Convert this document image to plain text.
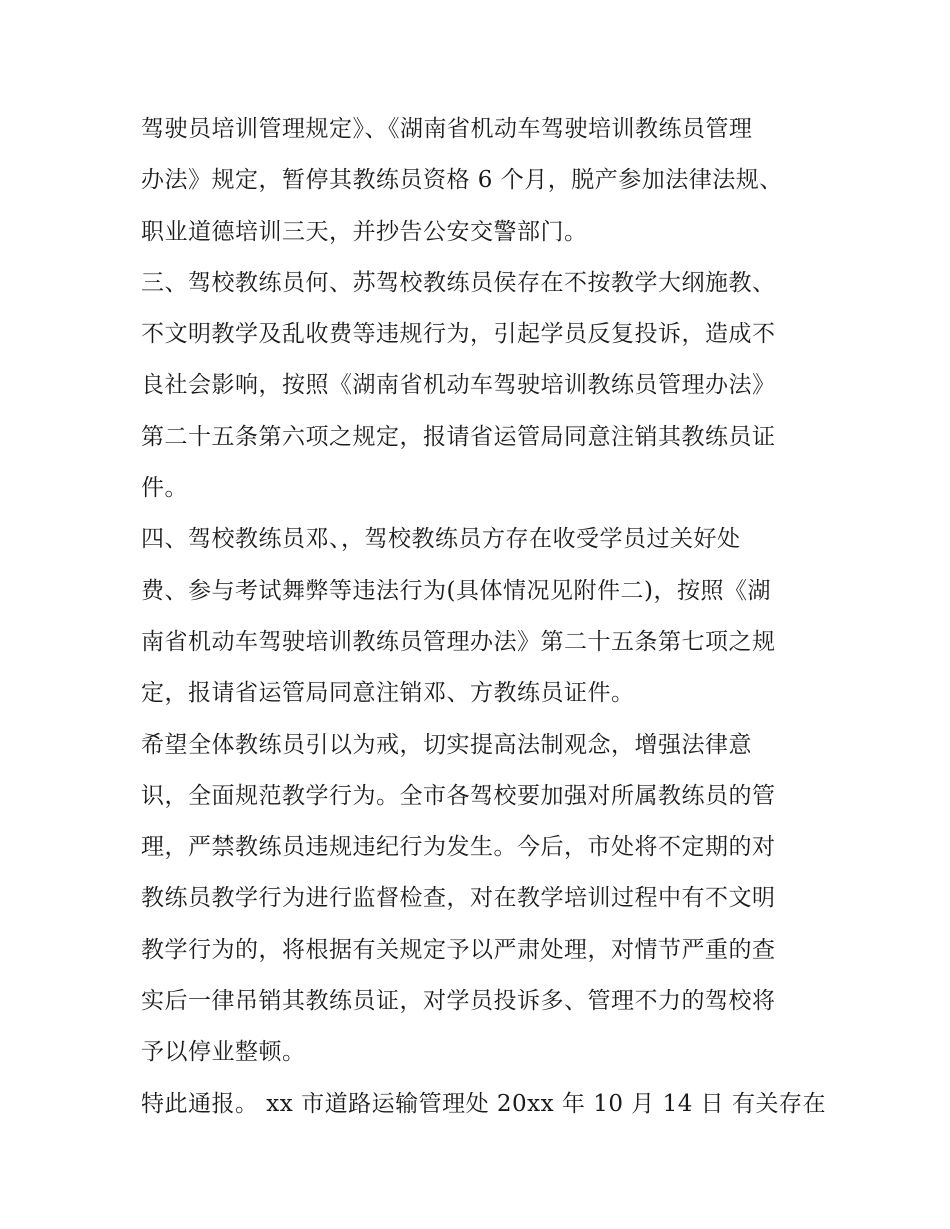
驾驶员培训管理规定》、《湖南省机动车驾驶培训教练员管理
办法》规定，暂停其教练员资格 6 个月，脱产参加法律法规、
职业道德培训三天，并抄告公安交警部门。
三、驾校教练员何、苏驾校教练员侯存在不按教学大纲施教、
不文明教学及乱收费等违规行为，引起学员反复投诉，造成不
良社会影响，按照《湖南省机动车驾驶培训教练员管理办法》
第二十五条第六项之规定，报请省运管局同意注销其教练员证
件。
四、驾校教练员邓、，驾校教练员方存在收受学员过关好处
费、参与考试舞弊等违法行为(具体情况见附件二)，按照《湖
南省机动车驾驶培训教练员管理办法》第二十五条第七项之规
定，报请省运管局同意注销邓、方教练员证件。
希望全体教练员引以为戒，切实提高法制观念，增强法律意
识，全面规范教学行为。全市各驾校要加强对所属教练员的管
理，严禁教练员违规违纪行为发生。今后，市处将不定期的对
教练员教学行为进行监督检查，对在教学培训过程中有不文明
教学行为的，将根据有关规定予以严肃处理，对情节严重的查
实后一律吊销其教练员证，对学员投诉多、管理不力的驾校将
予以停业整顿。
特此通报。 xx 市道路运输管理处 20xx 年 10 月 14 日 有关存在
